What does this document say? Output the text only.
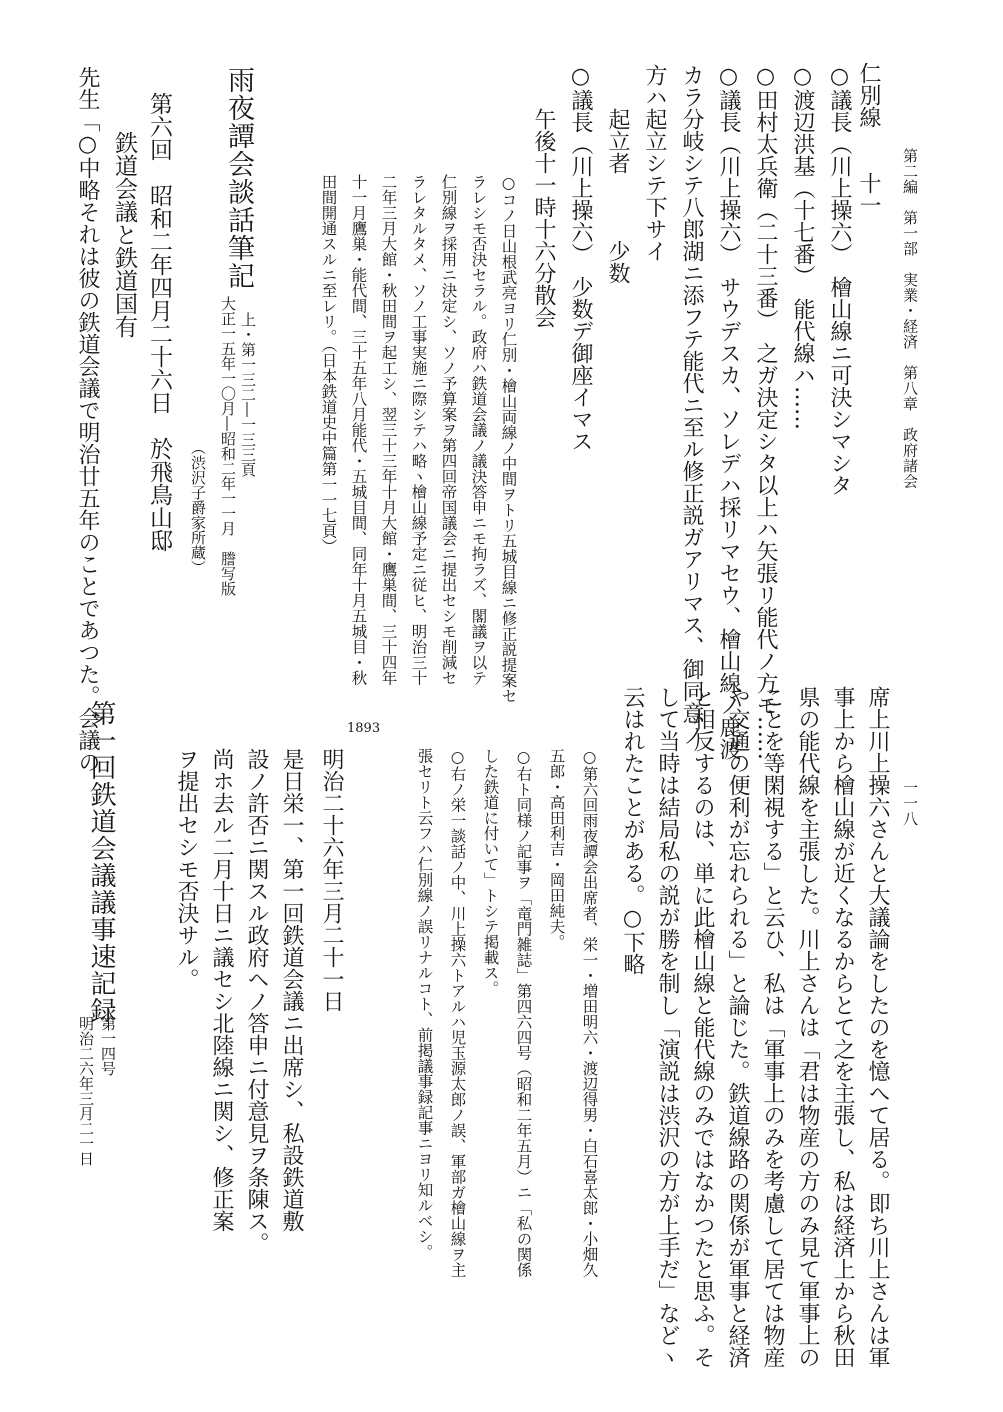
第二編　第一部　実業・経済　第八章　政府諸会
一一八
仁別線　　十一
○議長（川上操六）　檜山線ニ可決シマシタ
○渡辺洪基（十七番）　能代線ハ……
○田村太兵衛（二十三番）　之ガ決定シタ以上ハ矢張リ能代ノ方モ……
○議長（川上操六）　サウデスカ、ソレデハ採リマセウ、檜山線ノ鹿渡
カラ分岐シテ八郎湖ニ添フテ能代ニ至ル修正説ガアリマス、御同意ノ
方ハ起立シテ下サイ
　　起立者　　　少数
○議長（川上操六）　少数デ御座イマス
　　午後十一時十六分散会
○コノ日山根武亮ヨリ仁別・檜山両線ノ中間ヲトリ五城目線ニ修正説提案セ
ラレシモ否決セラル。政府ハ鉄道会議ノ議決答申ニモ拘ラズ、閣議ヲ以テ
仁別線ヲ採用ニ決定シ、ソノ予算案ヲ第四回帝国議会ニ提出セシモ削減セ
ラレタルタメ、ソノ工事実施ニ際シテハ略ヽ檜山線予定ニ従ヒ、明治三十
二年三月大館・秋田間ヲ起工シ、翌三十三年十月大館・鷹巣間、三十四年
十一月鷹巣・能代間、三十五年八月能代・五城目間、同年十月五城目・秋
田間開通スルニ至レリ。（日本鉄道史中篇第一一七頁）
雨夜譚会談話筆記
上・第一三二―一三三頁
大正一五年一〇月―昭和二年一一月　謄写版
（渋沢子爵家所蔵）
第六回　昭和二年四月二十六日　於飛鳥山邸
　鉄道会議と鉄道国有
先生「○中略それは彼の鉄道会議で明治廿五年のことであつた。会議の
席上川上操六さんと大議論をしたのを憶へて居る。即ち川上さんは軍
事上から檜山線が近くなるからとて之を主張し、私は経済上から秋田
県の能代線を主張した。川上さんは「君は物産の方のみ見て軍事上の
ことを等閑視する」と云ひ、私は「軍事上のみを考慮して居ては物産
や交通の便利が忘れられる」と論じた。鉄道線路の関係が軍事と経済
と相反するのは、単に此檜山線と能代線のみではなかつたと思ふ。そ
して当時は結局私の説が勝を制し「演説は渋沢の方が上手だ」などヽ
云はれたことがある。○下略
○第六回雨夜譚会出席者、栄一・増田明六・渡辺得男・白石喜太郎・小畑久
五郎・高田利吉・岡田純夫。
○右ト同様ノ記事ヲ「竜門雑誌」第四六四号（昭和二年五月）ニ「私の関係
した鉄道に付いて」トシテ掲載ス。
○右ノ栄一談話ノ中、川上操六トアルハ児玉源太郎ノ誤、軍部ガ檜山線ヲ主
張セリト云フハ仁別線ノ誤リナルコト、前掲議事録記事ニヨリ知ルベシ。
1893
明治二十六年三月二十一日
是日栄一、第一回鉄道会議ニ出席シ、私設鉄道敷
設ノ許否ニ関スル政府ヘノ答申ニ付意見ヲ条陳ス。
尚ホ去ル二月十日ニ議セシ北陸線ニ関シ、修正案
ヲ提出セシモ否決サル。
第一回鉄道会議議事速記録
第一四号
明治二六年三月二一日
